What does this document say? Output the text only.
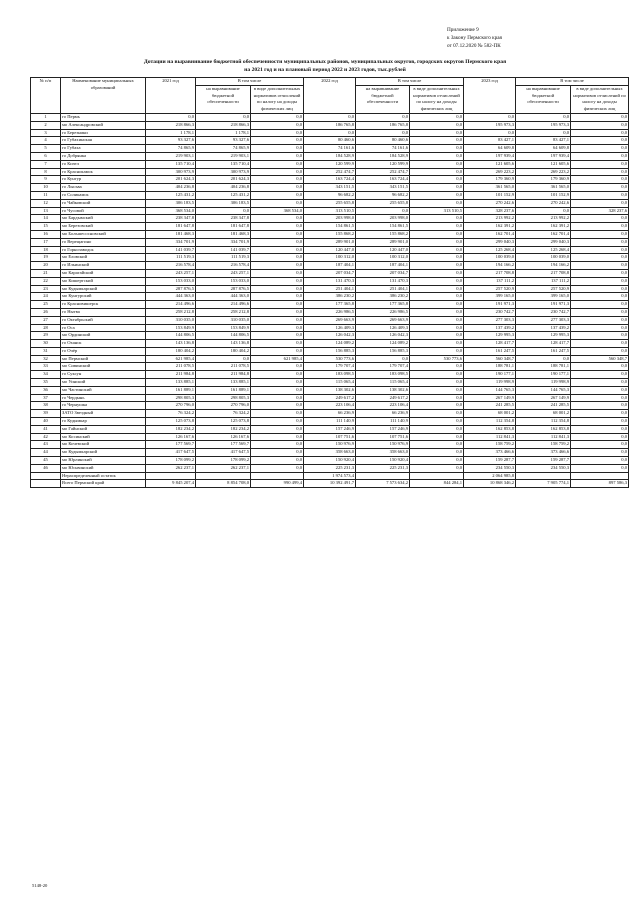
Приложение 9
к Закону Пермского края
от 07.12.2020 № 582-ПК
Дотации на выравнивание бюджетной обеспеченности муниципальных районов, муниципальных округов, городских округов Пермского края
на 2021 год и на плановый период 2022 и 2023 годов, тыс.рублей
№ п/п	Наименование муниципальных образований	2021 год	В том числе		2022 год	В том числе		2023 год	В том числе	
			на выравнивание бюджетной обеспеченности	в виде дополнительных нормативов отчислений по налогу на доходы физических лиц		на выравнивание бюджетной обеспеченности	в виде дополнительных нормативов отчислений по налогу на доходы физических лиц		на выравнивание бюджетной обеспеченности	в виде дополнительных нормативов отчислений по налогу на доходы физических лиц
1	го Пермь	0,0	0,0	0,0	0,0	0,0	0,0	0,0	0,0	0,0
2	мо Александровский	218 866,3	218 866,3	0,0	186 765,8	186 765,8	0,0	195 973,3	195 973,3	0,0
3	го Березники	1 178,1	1 178,1	0,0	0,0	0,0	0,0	0,0	0,0	0,0
4	го Губахинская	93 327,6	93 327,6	0,0	80 460,6	80 460,6	0,0	83 427,1	83 427,1	0,0
5	го Губаха	74 865,9	74 865,9	0,0	74 161,6	74 161,6	0,0	64 609,8	64 609,8	0,0
6	го Добрянка	219 903,1	219 903,1	0,0	184 528,9	184 528,9	0,0	197 939,4	197 939,4	0,0
7	го Кизел	135 710,4	135 710,4	0,0	120 599,9	120 599,9	0,0	121 605,6	121 605,6	0,0
8	го Краснокамск	300 973,9	300 973,9	0,0	252 474,7	252 474,7	0,0	269 223,2	269 223,2	0,0
9	го Кунгур	201 624,3	201 624,3	0,0	163 724,4	163 724,4	0,0	179 360,9	179 360,9	0,0
10	го Лысьва	404 236,8	404 236,8	0,0	343 151,5	343 151,5	0,0	361 565,0	361 565,0	0,0
11	го Соликамск	125 431,2	125 431,2	0,0	96 682,2	96 682,2	0,0	101 152,9	101 152,9	0,0
12	го Чайковский	306 183,5	306 183,5	0,0	255 655,8	255 655,8	0,0	270 242,6	270 242,6	0,0
13	го Чусовой	368 534,0	0,0	368 534,0	313 510,5	0,0	313 510,5	328 237,6	0,0	328 237,6
14	мо Бардымский	238 347,8	238 347,8	0,0	203 998,0	203 998,0	0,0	213 992,2	213 992,2	0,0
15	мо Березовский	181 647,8	181 647,8	0,0	154 861,5	154 861,5	0,0	162 391,2	162 391,2	0,0
16	мо Большесосновский	181 468,3	181 468,3	0,0	155 868,2	155 868,2	0,0	162 701,4	162 701,4	0,0
17	го Верещагино	334 701,9	334 701,9	0,0	289 901,0	289 901,0	0,0	299 040,3	299 040,3	0,0
18	го Горнозаводск	141 039,7	141 039,7	0,0	120 447,0	120 447,0	0,0	125 268,4	125 268,4	0,0
19	мо Еловский	111 519,3	111 519,3	0,0	100 312,0	100 312,0	0,0	100 039,0	100 039,0	0,0
20	го Ильинский	216 578,4	216 578,4	0,0	187 404,1	187 404,1	0,0	194 166,2	194 166,2	0,0
21	мо Карагайский	243 257,1	243 257,1	0,0	207 034,7	207 034,7	0,0	217 708,8	217 708,8	0,0
22	мо Кишертский	153 033,0	153 033,0	0,0	131 470,3	131 470,3	0,0	137 111,2	137 111,2	0,0
23	мо Кудымкарский	287 876,5	287 876,5	0,0	251 404,1	251 404,1	0,0	257 520,9	257 520,9	0,0
24	мо Кунгурский	444 363,0	444 363,0	0,0	386 230,2	386 230,2	0,0	399 165,0	399 165,0	0,0
25	го Красновишерск	214 496,6	214 496,6	0,0	177 365,8	177 365,8	0,0	191 971,3	191 971,3	0,0
26	го Нытва	258 212,8	258 212,8	0,0	226 986,5	226 986,5	0,0	230 742,7	230 742,7	0,0
27	го Октябрьский	310 035,0	310 035,0	0,0	269 663,9	269 663,9	0,0	277 303,3	277 303,3	0,0
28	го Оса	153 849,9	153 849,9	0,0	126 409,3	126 409,3	0,0	137 439,2	137 439,2	0,0
29	мо Ординский	144 806,5	144 806,5	0,0	126 042,3	126 042,3	0,0	129 995,3	129 995,3	0,0
30	го Оханск	143 136,8	143 136,8	0,0	124 089,2	124 089,2	0,0	128 417,7	128 417,7	0,0
31	го Очёр	180 404,2	180 404,2	0,0	156 885,3	156 885,3	0,0	161 247,5	161 247,5	0,0
32	мо Пермский	621 985,4	0,0	621 985,4	530 773,6	0,0	530 773,6	560 348,7	0,0	560 348,7
33	мо Сивинский	211 078,5	211 078,5	0,0	179 707,4	179 707,4	0,0	188 781,1	188 781,1	0,0
34	го Суксун	211 984,8	211 984,8	0,0	183 098,5	183 098,5	0,0	190 177,1	190 177,1	0,0
35	мо Уинский	133 885,1	133 885,1	0,0	115 065,4	115 065,4	0,0	119 998,9	119 998,9	0,0
36	мо Частинский	161 889,1	161 889,1	0,0	138 302,6	138 302,6	0,0	144 765,3	144 765,3	0,0
37	го Чердынь	298 805,3	298 805,3	0,0	249 617,2	249 617,2	0,0	267 149,9	267 149,9	0,0
38	го Чернушка	270 796,0	270 796,0	0,0	223 106,4	223 106,4	0,0	241 285,5	241 285,5	0,0
39	ЗАТО Звездный	76 324,2	76 324,2	0,0	66 236,9	66 236,9	0,0	68 001,2	68 001,2	0,0
40	го Кудымкар	125 073,8	125 073,8	0,0	111 140,9	111 140,9	0,0	112 354,8	112 354,8	0,0
41	мо Гайнский	182 234,2	182 234,2	0,0	157 246,9	157 246,9	0,0	162 853,8	162 853,8	0,0
42	мо Косинский	126 167,6	126 167,6	0,0	107 751,6	107 751,6	0,0	112 841,3	112 841,3	0,0
43	мо Кочевский	177 569,7	177 569,7	0,0	150 976,9	150 976,9	0,0	158 759,2	158 759,2	0,0
44	мо Кудымкарский	417 647,5	417 647,5	0,0	358 663,0	358 663,0	0,0	373 466,6	373 466,6	0,0
45	мо Юрлинский	178 099,2	178 099,2	0,0	150 920,4	150 920,4	0,0	159 287,7	159 287,7	0,0
46	мо Юсьвинский	262 237,1	262 237,1	0,0	225 231,3	225 231,3	0,0	234 550,3	234 550,3	0,0
	Нераспределенный остаток				1 974 573,4			2 064 985,8		
	Всего Пермский край	9 845 207,4	8 854 708,0	990 499,4	10 392 491,7	7 573 634,2	844 284,1	10 868 346,2	7 905 774,1	897 586,3
5148-20
